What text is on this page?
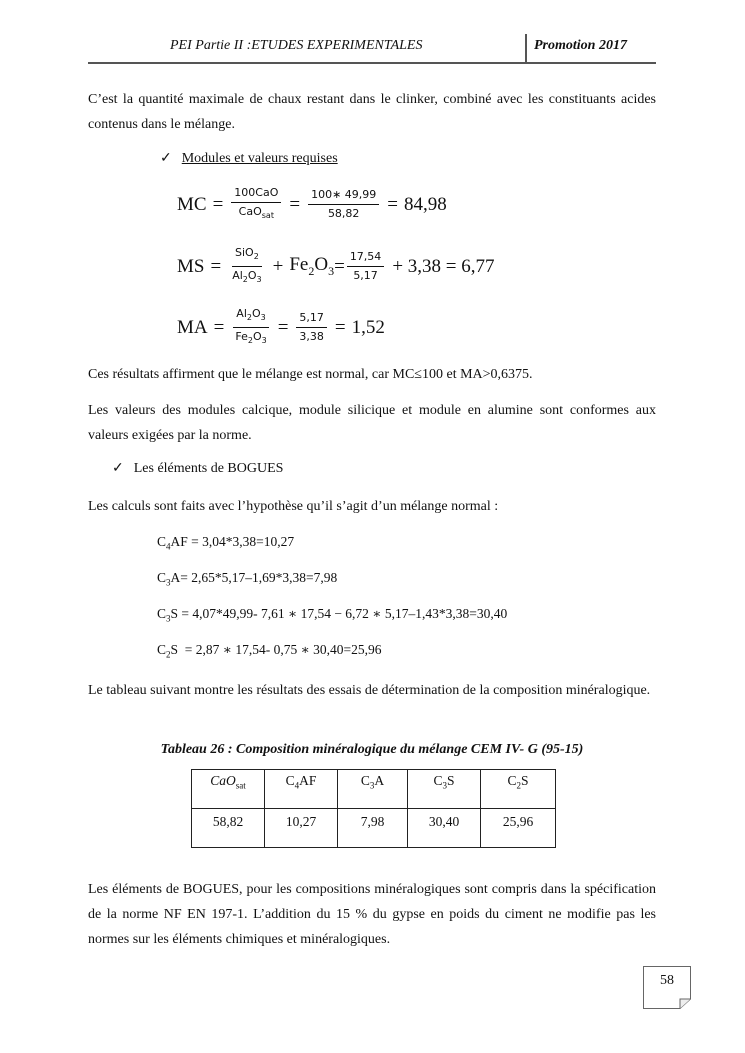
PEI Partie II :ETUDES EXPERIMENTALES	Promotion 2017
C’est la quantité maximale de chaux restant dans le clinker, combiné avec les constituants acides contenus dans le mélange.
✓ Modules et valeurs requises
MC = $\frac{\text{100CaO}}{CaO_{sat}} = \frac{100∗ 49,99}{58,82} = 84,98$
MS = $\frac{SiO_2}{Al_2O_3} + Fe_2O_3 = \frac{17,54}{5,17} + 3,38 = 6,77$
MA = $\frac{Al_2O_3}{Fe_2O_3} = \frac{5,17}{3,38} = 1,52$
Ces résultats affirment que le mélange est normal, car MC≤100 et MA>0,6375.
Les valeurs des modules calcique, module silicique et module en alumine sont conformes aux valeurs exigées par la norme.
✓ Les éléments de BOGUES
Les calculs sont faits avec l’hypothèse qu’il s’agit d’un mélange normal :
$C_4AF = 3,04*3,38=10,27$
$C_3A= 2,65*5,17-1,69*3,38=7,98$
$C_3S = 4,07*49,99-$ 7,61 ∗ 17,54 − 6,72 ∗ 5,17–1,43*3,38=30,40
$C_2S = 2,87$ ∗ 17,54- 0,75 ∗ 30,40=25,96
Le tableau suivant montre les résultats des essais de détermination de la composition minéralogique.
Tableau 26 : Composition minéralogique du mélange CEM IV- G (95-15)
CaO$_{sat}$	$C_4AF$	$C_3A$	$C_3S$	$C_2S$
58,82	10,27	7,98	30,40	25,96
Les éléments de BOGUES, pour les compositions minéralogiques sont compris dans la spécification de la norme NF EN 197-1. L’addition du 15 % du gypse en poids du ciment ne modifie pas les normes sur les éléments chimiques et minéralogiques.
58
